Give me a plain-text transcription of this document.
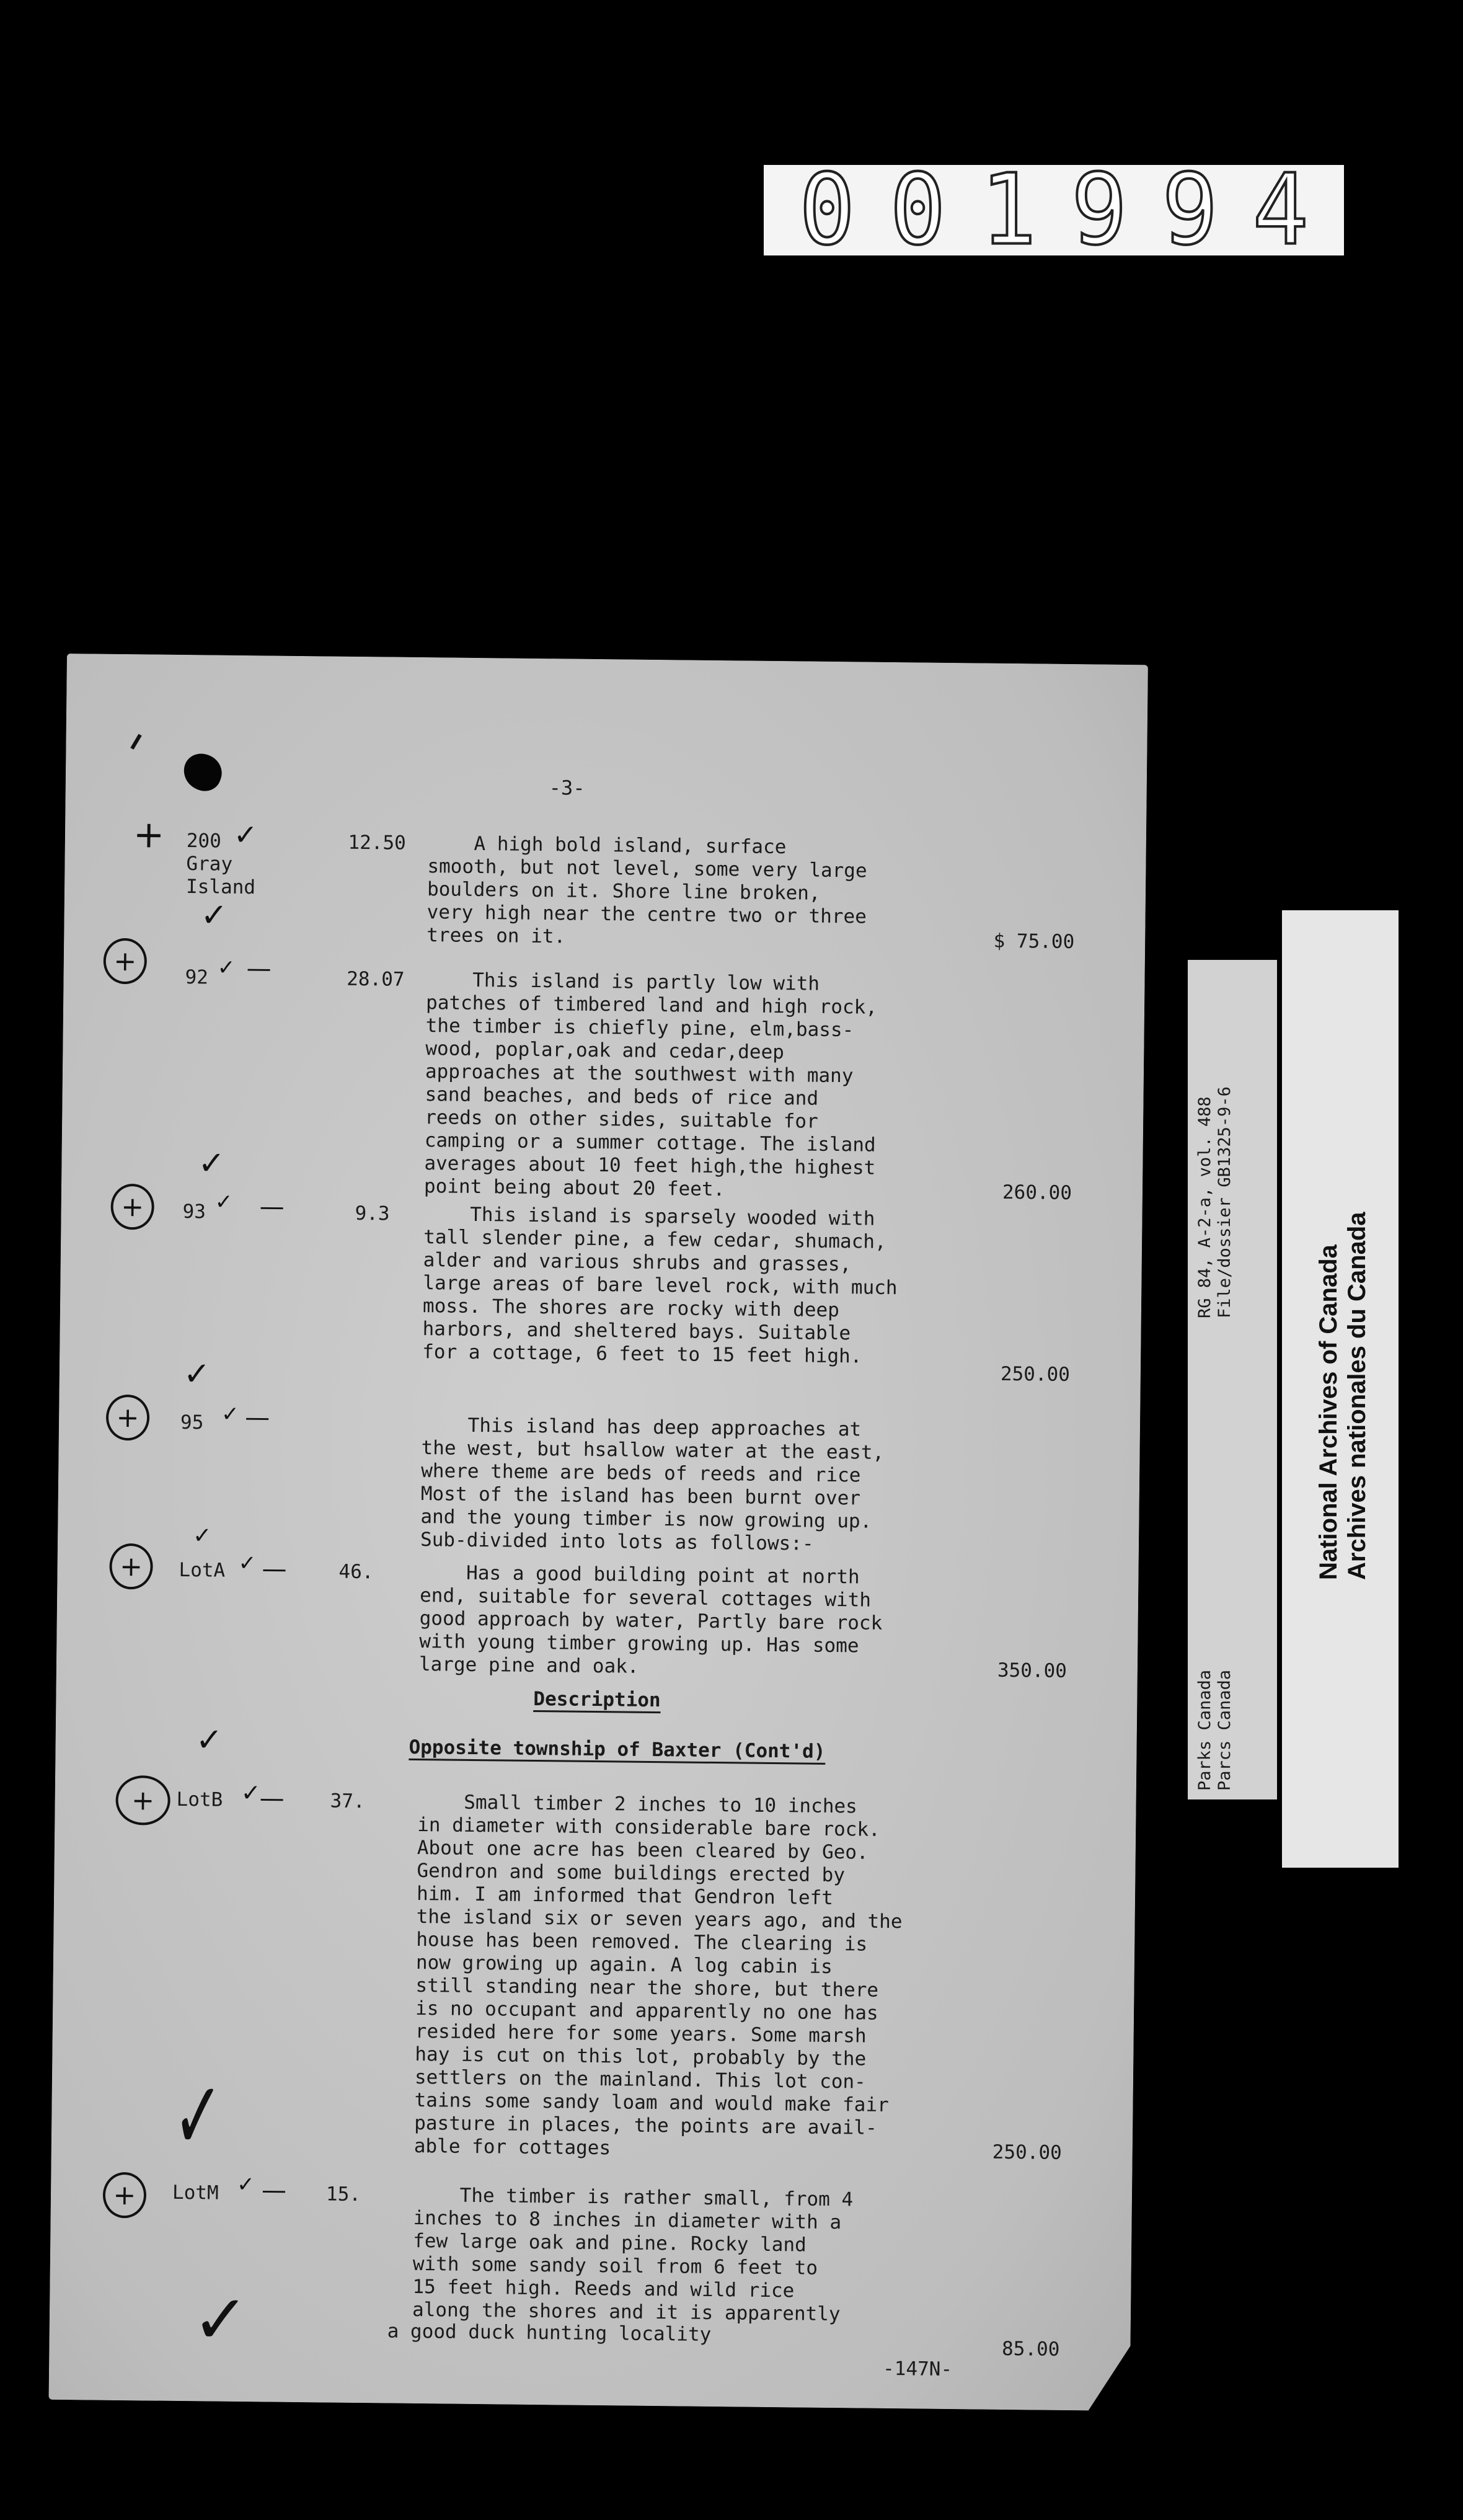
001994
-3-
+ 200 ✓
Gray
Island
12.50 A high bold island, surface
smooth, but not level, some very large
boulders on it. Shore line broken,
very high near the centre two or three
trees on it.	$ 75.00
✓
+
92 ✓ —	28.07 This island is partly low with
patches of timbered land and high rock,
the timber is chiefly pine, elm,bass-
wood, poplar,oak and cedar,deep
approaches at the southwest with many
sand beaches, and beds of rice and
reeds on other sides, suitable for
camping or a summer cottage. The island
averages about 10 feet high,the highest
point being about 20 feet.	260.00
✓
+	93 ✓ —	9.3 This island is sparsely wooded with
tall slender pine, a few cedar, shumach,
alder and various shrubs and grasses,
large areas of bare level rock, with much
moss. The shores are rocky with deep
harbors, and sheltered bays. Suitable
for a cottage, 6 feet to 15 feet high.
250.00
✓
+	95 ✓ —	This island has deep approaches at
the west, but hsallow water at the east,
where theme are beds of reeds and rice
Most of the island has been burnt over
and the young timber is now growing up.
Sub-divided into lots as follows:-
✓
+	LotA ✓ —	46. Has a good building point at north
end, suitable for several cottages with
good approach by water, Partly bare rock
with young timber growing up. Has some
large pine and oak.	350.00
Description
✓	Opposite township of Baxter (Cont'd)
+	LotB ✓
—	37.	Small timber 2 inches to 10 inches
in diameter with considerable bare rock.
About one acre has been cleared by Geo.
Gendron and some buildings erected by
him. I am informed that Gendron left
the island six or seven years ago, and the
house has been removed. The clearing is
now growing up again. A log cabin is
still standing near the shore, but there
is no occupant and apparently no one has
resided here for some years. Some marsh
hay is cut on this lot, probably by the
settlers on the mainland. This lot con-
tains some sandy loam and would make fair
pasture in places, the points are avail-
able for cottages	250.00
✓
+	LotM ✓ —	15.	The timber is rather small, from 4
inches to 8 inches in diameter with a
few large oak and pine. Rocky land
with some sandy soil from 6 feet to
15 feet high. Reeds and wild rice
along the shores and it is apparently
✓	a good duck hunting locality
85.00
-147N-
RG 84, A-2-a, vol. 488 File/dossier GB1325-9-6
Parks Canada Parcs Canada
National Archives of Canada Archives nationales du Canada
